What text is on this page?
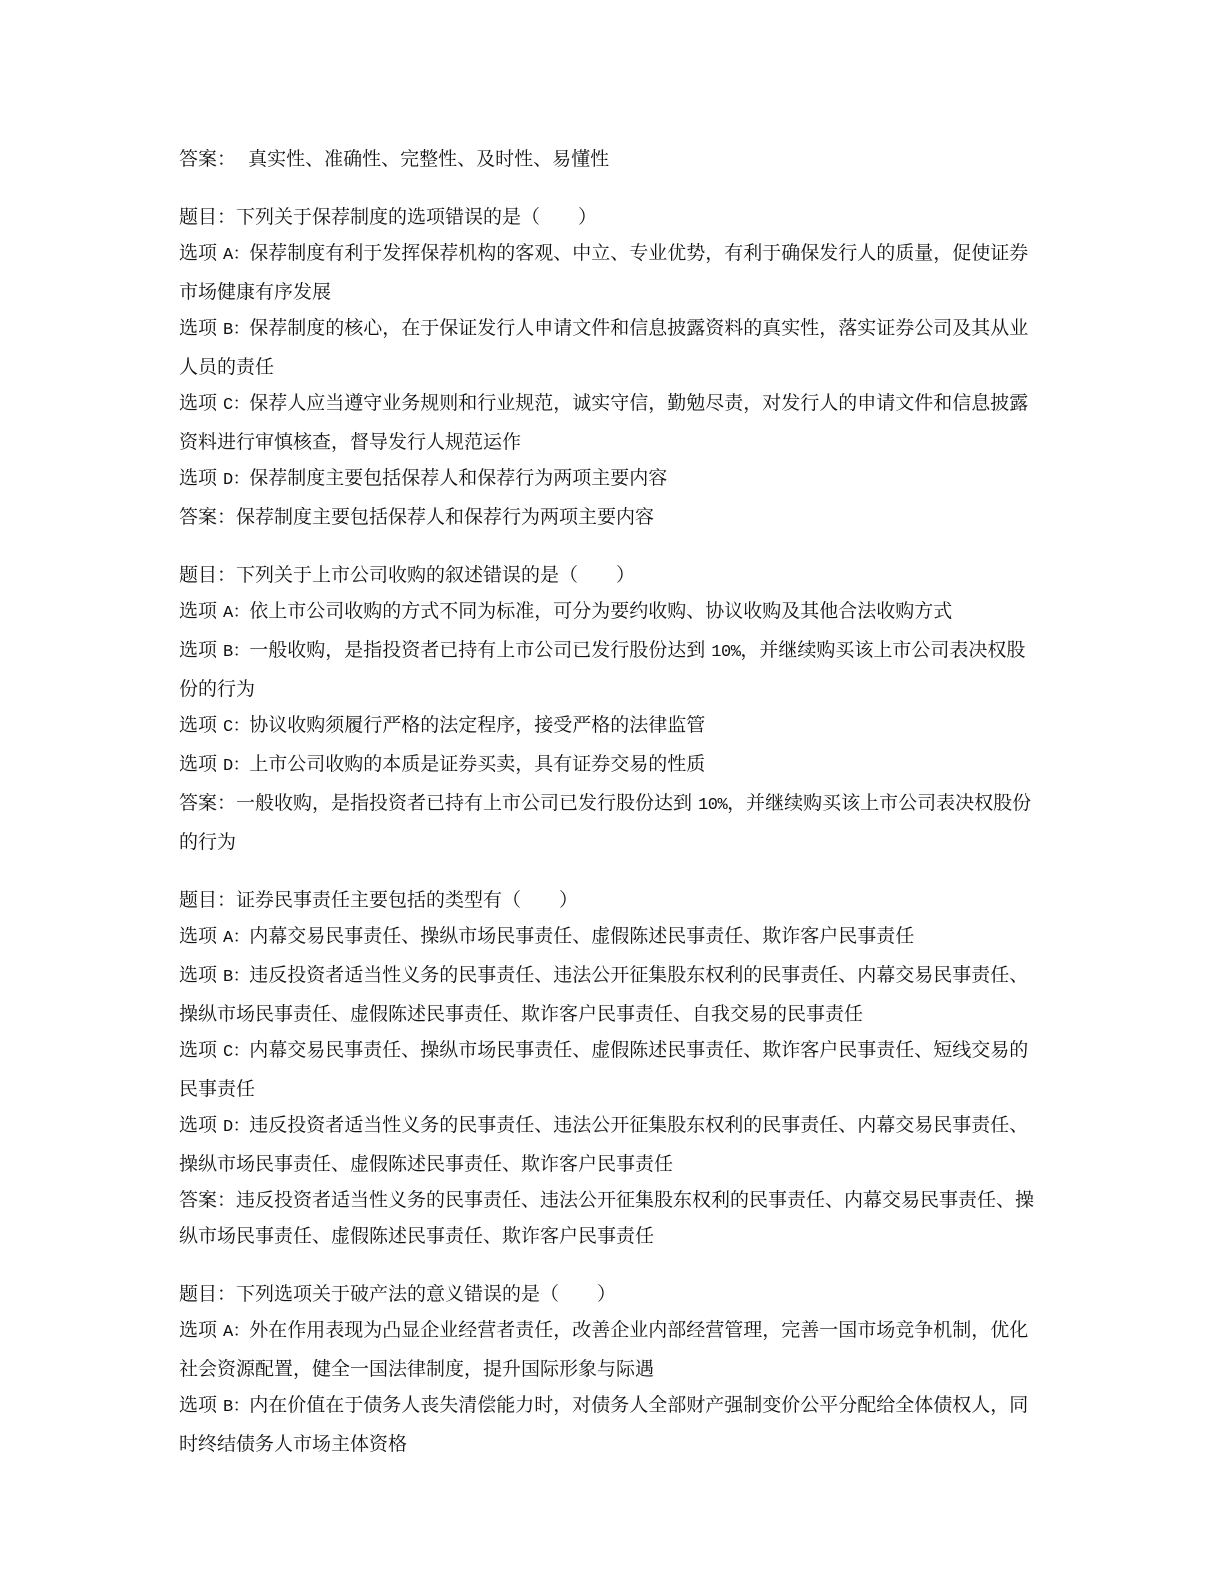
答案：  真实性、准确性、完整性、及时性、易懂性
题目：下列关于保荐制度的选项错误的是（　　）
选项 A：保荐制度有利于发挥保荐机构的客观、中立、专业优势，有利于确保发行人的质量，促使证券市场健康有序发展
选项 B：保荐制度的核心，在于保证发行人申请文件和信息披露资料的真实性，落实证券公司及其从业人员的责任
选项 C：保荐人应当遵守业务规则和行业规范，诚实守信，勤勉尽责，对发行人的申请文件和信息披露资料进行审慎核查，督导发行人规范运作
选项 D：保荐制度主要包括保荐人和保荐行为两项主要内容
答案：保荐制度主要包括保荐人和保荐行为两项主要内容
题目：下列关于上市公司收购的叙述错误的是（　　）
选项 A：依上市公司收购的方式不同为标准，可分为要约收购、协议收购及其他合法收购方式
选项 B：一般收购，是指投资者已持有上市公司已发行股份达到 10%，并继续购买该上市公司表决权股份的行为
选项 C：协议收购须履行严格的法定程序，接受严格的法律监管
选项 D：上市公司收购的本质是证券买卖，具有证券交易的性质
答案：一般收购，是指投资者已持有上市公司已发行股份达到 10%，并继续购买该上市公司表决权股份的行为
题目：证券民事责任主要包括的类型有（　　）
选项 A：内幕交易民事责任、操纵市场民事责任、虚假陈述民事责任、欺诈客户民事责任
选项 B：违反投资者适当性义务的民事责任、违法公开征集股东权利的民事责任、内幕交易民事责任、操纵市场民事责任、虚假陈述民事责任、欺诈客户民事责任、自我交易的民事责任
选项 C：内幕交易民事责任、操纵市场民事责任、虚假陈述民事责任、欺诈客户民事责任、短线交易的民事责任
选项 D：违反投资者适当性义务的民事责任、违法公开征集股东权利的民事责任、内幕交易民事责任、操纵市场民事责任、虚假陈述民事责任、欺诈客户民事责任
答案：违反投资者适当性义务的民事责任、违法公开征集股东权利的民事责任、内幕交易民事责任、操纵市场民事责任、虚假陈述民事责任、欺诈客户民事责任
题目：下列选项关于破产法的意义错误的是（　　）
选项 A：外在作用表现为凸显企业经营者责任，改善企业内部经营管理，完善一国市场竞争机制，优化社会资源配置，健全一国法律制度，提升国际形象与际遇
选项 B：内在价值在于债务人丧失清偿能力时，对债务人全部财产强制变价公平分配给全体债权人，同时终结债务人市场主体资格
